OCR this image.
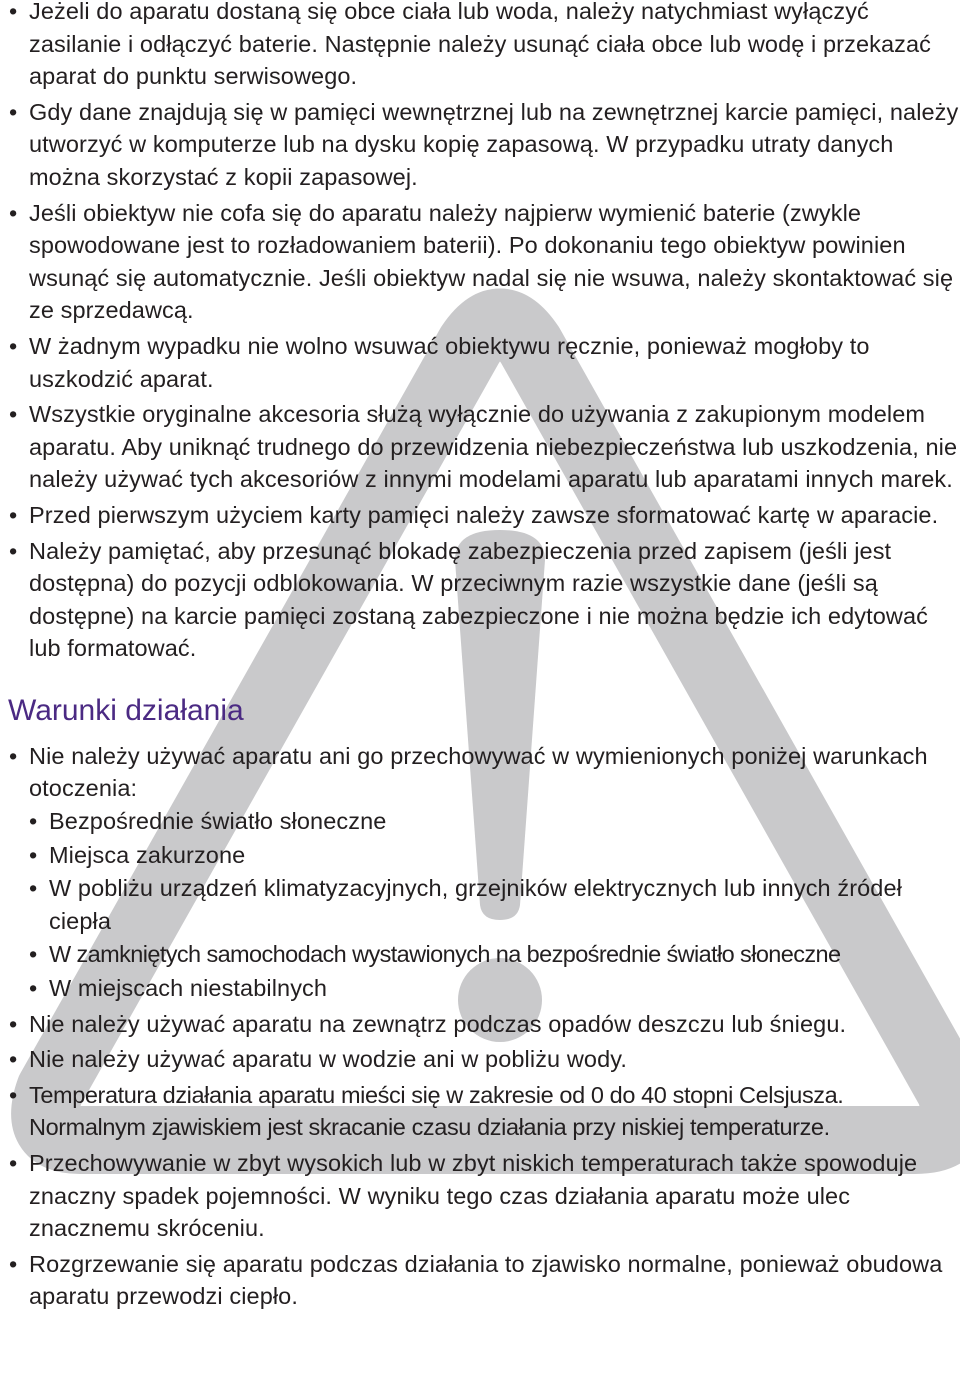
• Jeżeli do aparatu dostaną się obce ciała lub woda, należy natychmiast wyłączyć zasilanie i odłączyć baterie. Następnie należy usunąć ciała obce lub wodę i przekazać aparat do punktu serwisowego.
• Gdy dane znajdują się w pamięci wewnętrznej lub na zewnętrznej karcie pamięci, należy utworzyć w komputerze lub na dysku kopię zapasową. W przypadku utraty danych można skorzystać z kopii zapasowej.
• Jeśli obiektyw nie cofa się do aparatu należy najpierw wymienić baterie (zwykle spowodowane jest to rozładowaniem baterii). Po dokonaniu tego obiektyw powinien wsunąć się automatycznie. Jeśli obiektyw nadal się nie wsuwa, należy skontaktować się ze sprzedawcą.
• W żadnym wypadku nie wolno wsuwać obiektywu ręcznie, ponieważ mogłoby to uszkodzić aparat.
• Wszystkie oryginalne akcesoria służą wyłącznie do używania z zakupionym modelem aparatu. Aby uniknąć trudnego do przewidzenia niebezpieczeństwa lub uszkodzenia, nie należy używać tych akcesoriów z innymi modelami aparatu lub aparatami innych marek.
• Przed pierwszym użyciem karty pamięci należy zawsze sformatować kartę w aparacie.
• Należy pamiętać, aby przesunąć blokadę zabezpieczenia przed zapisem (jeśli jest dostępna) do pozycji odblokowania. W przeciwnym razie wszystkie dane (jeśli są dostępne) na karcie pamięci zostaną zabezpieczone i nie można będzie ich edytować lub formatować.
Warunki działania
• Nie należy używać aparatu ani go przechowywać w wymienionych poniżej warunkach otoczenia:
• Bezpośrednie światło słoneczne
• Miejsca zakurzone
• W pobliżu urządzeń klimatyzacyjnych, grzejników elektrycznych lub innych źródeł ciepła
• W zamkniętych samochodach wystawionych na bezpośrednie światło słoneczne
• W miejscach niestabilnych
• Nie należy używać aparatu na zewnątrz podczas opadów deszczu lub śniegu.
• Nie należy używać aparatu w wodzie ani w pobliżu wody.
• Temperatura działania aparatu mieści się w zakresie od 0 do 40 stopni Celsjusza. Normalnym zjawiskiem jest skracanie czasu działania przy niskiej temperaturze.
• Przechowywanie w zbyt wysokich lub w zbyt niskich temperaturach także spowoduje znaczny spadek pojemności. W wyniku tego czas działania aparatu może ulec znacznemu skróceniu.
• Rozgrzewanie się aparatu podczas działania to zjawisko normalne, ponieważ obudowa aparatu przewodzi ciepło.
